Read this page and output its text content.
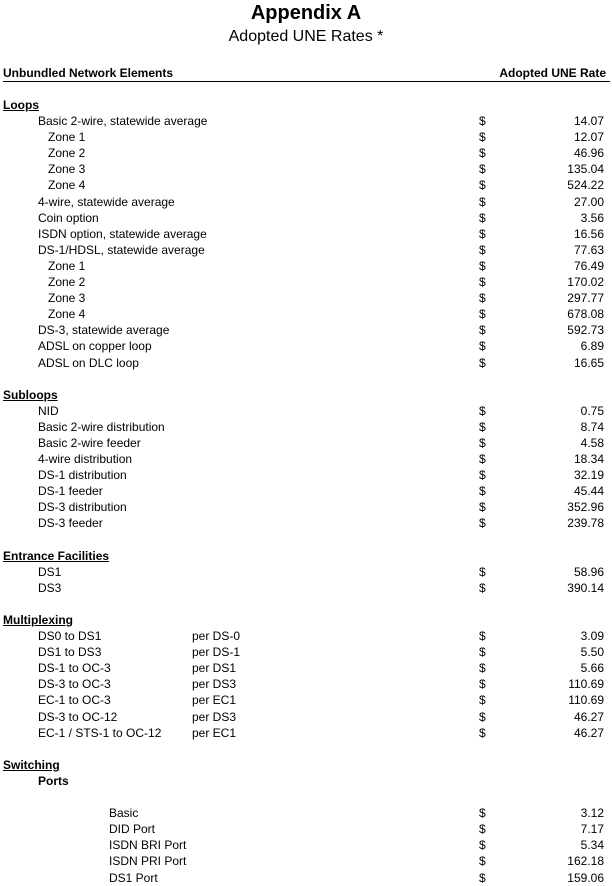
Appendix A
Adopted UNE Rates *
Unbundled Network Elements	Adopted UNE Rate
Loops
Basic 2-wire, statewide average	$	14.07
Zone 1	$	12.07
Zone 2	$	46.96
Zone 3	$	135.04
Zone 4	$	524.22
4-wire, statewide average	$	27.00
Coin option	$	3.56
ISDN option, statewide average	$	16.56
DS-1/HDSL, statewide average	$	77.63
Zone 1	$	76.49
Zone 2	$	170.02
Zone 3	$	297.77
Zone 4	$	678.08
DS-3, statewide average	$	592.73
ADSL on copper loop	$	6.89
ADSL on DLC loop	$	16.65
Subloops
NID	$	0.75
Basic 2-wire distribution	$	8.74
Basic 2-wire feeder	$	4.58
4-wire distribution	$	18.34
DS-1 distribution	$	32.19
DS-1 feeder	$	45.44
DS-3 distribution	$	352.96
DS-3 feeder	$	239.78
Entrance Facilities
DS1	$	58.96
DS3	$	390.14
Multiplexing
DS0 to DS1	per DS-0	$	3.09
DS1 to DS3	per DS-1	$	5.50
DS-1 to OC-3	per DS1	$	5.66
DS-3 to OC-3	per DS3	$	110.69
EC-1 to OC-3	per EC1	$	110.69
DS-3 to OC-12	per DS3	$	46.27
EC-1 / STS-1 to OC-12	per EC1	$	46.27
Switching
Ports
Basic	$	3.12
DID Port	$	7.17
ISDN BRI Port	$	5.34
ISDN PRI Port	$	162.18
DS1 Port	$	159.06
